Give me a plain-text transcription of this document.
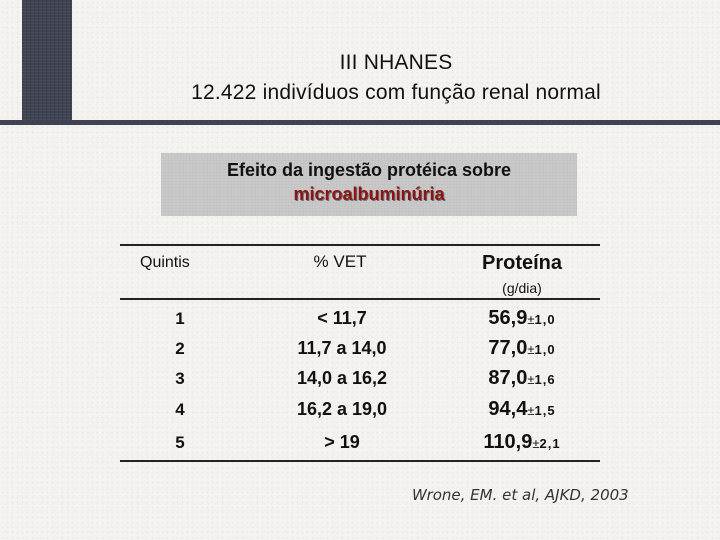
III NHANES
12.422 indivíduos com função renal normal
Efeito da ingestão protéica sobre
microalbuminúria
Quintis	% VET	Proteína
(g/dia)
1	< 11,7	56,9±1,0
2	11,7 a 14,0	77,0±1,0
3	14,0 a 16,2	87,0±1,6
4	16,2 a 19,0	94,4±1,5
5	> 19	110,9±2,1
Wrone, EM. et al, AJKD, 2003
